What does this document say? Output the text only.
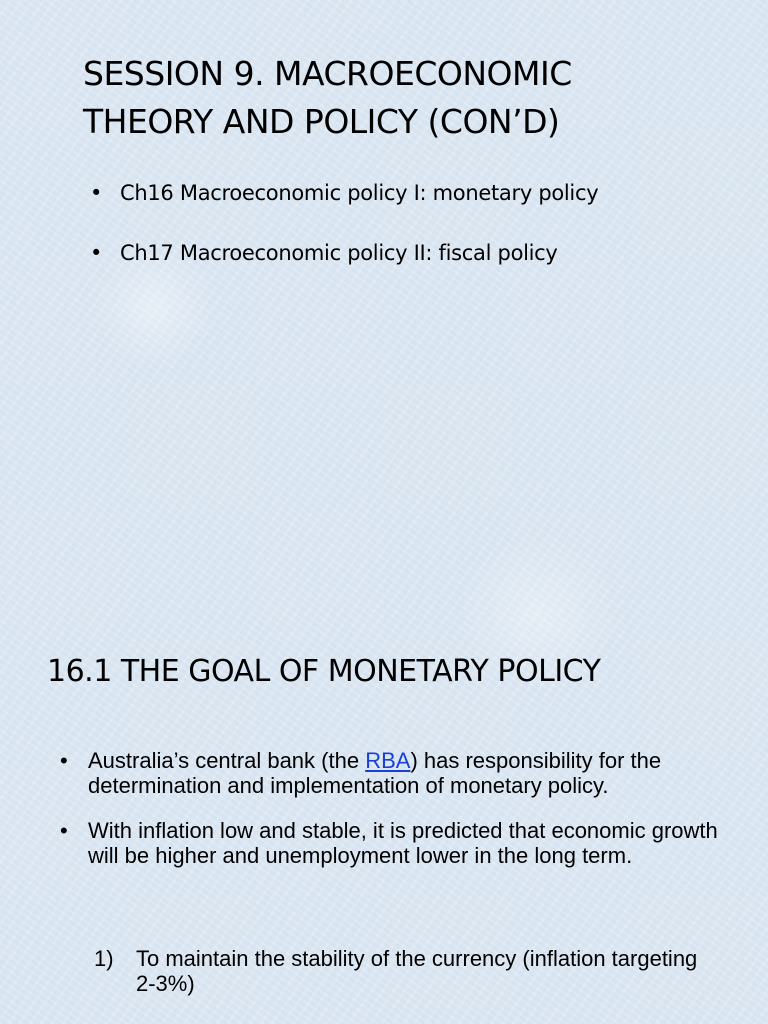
SESSION 9. MACROECONOMIC
THEORY AND POLICY (CON’D)
• Ch16 Macroeconomic policy I: monetary policy
• Ch17 Macroeconomic policy II: fiscal policy
16.1 THE GOAL OF MONETARY POLICY
• Australia’s central bank (the RBA) has responsibility for the determination and implementation of monetary policy.
• With inflation low and stable, it is predicted that economic growth will be higher and unemployment lower in the long term.
1) To maintain the stability of the currency (inflation targeting 2-3%)
